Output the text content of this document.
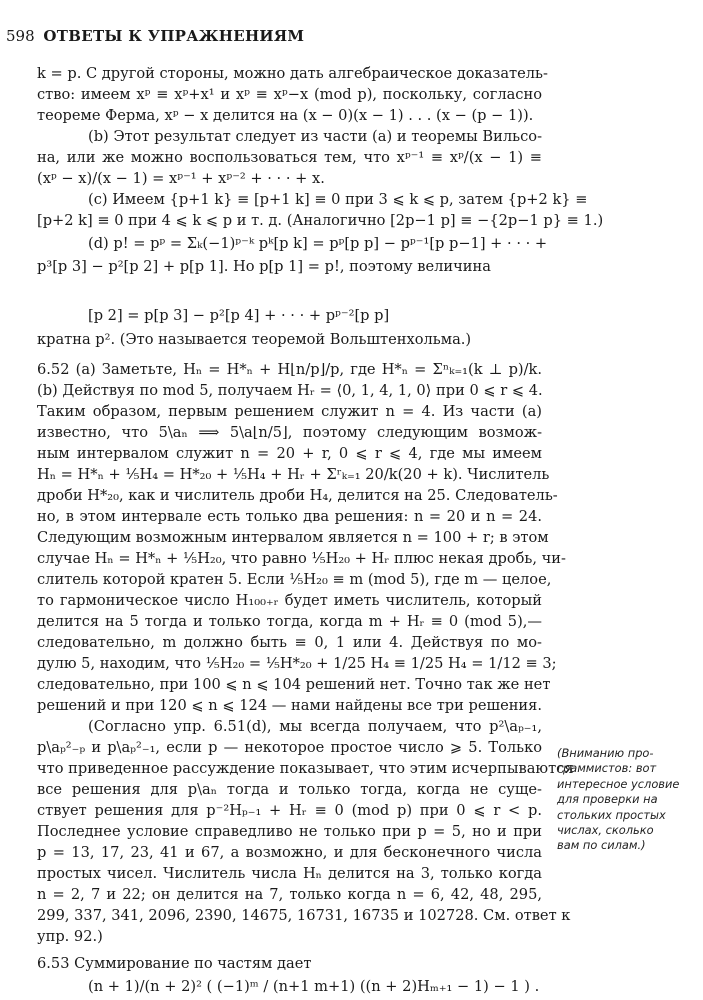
598 ОТВЕТЫ К УПРАЖНЕНИЯМ
k = p. С другой стороны, можно дать алгебраическое доказатель-
ство: имеем xᵖ ≡ xᵖ+x¹ и xᵖ ≡ xᵖ−x (mod p), поскольку, согласно
теореме Ферма, xᵖ − x делится на (x − 0)(x − 1) . . . (x − (p − 1)).
(b) Этот результат следует из части (a) и теоремы Вильсо-
на, или же можно воспользоваться тем, что xᵖ⁻¹ ≡ xᵖ/(x − 1) ≡
(xᵖ − x)/(x − 1) = xᵖ⁻¹ + xᵖ⁻² + · · · + x.
(c) Имеем {p+1 k} ≡ [p+1 k] ≡ 0 при 3 ⩽ k ⩽ p, затем {p+2 k} ≡
[p+2 k] ≡ 0 при 4 ⩽ k ⩽ p и т. д. (Аналогично [2p−1 p] ≡ −{2p−1 p} ≡ 1.)
(d) p! = pᵖ = Σₖ(−1)ᵖ⁻ᵏ pᵏ[p k] = pᵖ[p p] − pᵖ⁻¹[p p−1] + · · · +
p³[p 3] − p²[p 2] + p[p 1]. Но p[p 1] = p!, поэтому величина
[p 2] = p[p 3] − p²[p 4] + · · · + pᵖ⁻²[p p]
кратна p². (Это называется теоремой Вольштенхольма.)
6.52 (a) Заметьте, Hₙ = H*ₙ + H⌊n/p⌋/p, где H*ₙ = Σⁿₖ₌₁(k ⊥ p)/k.
(b) Действуя по mod 5, получаем Hᵣ = ⟨0, 1, 4, 1, 0⟩ при 0 ⩽ r ⩽ 4.
Таким образом, первым решением служит n = 4. Из части (a)
известно, что 5\aₙ ⟹ 5\a⌊n/5⌋, поэтому следующим возмож-
ным интервалом служит n = 20 + r, 0 ⩽ r ⩽ 4, где мы имеем
Hₙ = H*ₙ + ⅕H₄ = H*₂₀ + ⅕H₄ + Hᵣ + Σʳₖ₌₁ 20/k(20 + k). Числитель
дроби H*₂₀, как и числитель дроби H₄, делится на 25. Следователь-
но, в этом интервале есть только два решения: n = 20 и n = 24.
Следующим возможным интервалом является n = 100 + r; в этом
случае Hₙ = H*ₙ + ⅕H₂₀, что равно ⅕H₂₀ + Hᵣ плюс некая дробь, чи-
слитель которой кратен 5. Если ⅕H₂₀ ≡ m (mod 5), где m — целое,
то гармоническое число H₁₀₀₊ᵣ будет иметь числитель, который
делится на 5 тогда и только тогда, когда m + Hᵣ ≡ 0 (mod 5),—
следовательно, m должно быть ≡ 0, 1 или 4. Действуя по мо-
дулю 5, находим, что ⅕H₂₀ = ⅕H*₂₀ + 1/25 H₄ ≡ 1/25 H₄ = 1/12 ≡ 3;
следовательно, при 100 ⩽ n ⩽ 104 решений нет. Точно так же нет
решений и при 120 ⩽ n ⩽ 124 — нами найдены все три решения.
(Согласно упр. 6.51(d), мы всегда получаем, что p²\aₚ₋₁,
p\aₚ²₋ₚ и p\aₚ²₋₁, если p — некоторое простое число ⩾ 5. Только
что приведенное рассуждение показывает, что этим исчерпываются
все решения для p\aₙ тогда и только тогда, когда не суще-
ствует решения для p⁻²Hₚ₋₁ + Hᵣ ≡ 0 (mod p) при 0 ⩽ r < p.
Последнее условие справедливо не только при p = 5, но и при
p = 13, 17, 23, 41 и 67, а возможно, и для бесконечного числа
простых чисел. Числитель числа Hₙ делится на 3, только когда
n = 2, 7 и 22; он делится на 7, только когда n = 6, 42, 48, 295,
299, 337, 341, 2096, 2390, 14675, 16731, 16735 и 102728. См. ответ к
упр. 92.)
6.53 Суммирование по частям дает
(n + 1)/(n + 2)² ( (−1)ᵐ / (n+1 m+1) ((n + 2)Hₘ₊₁ − 1) − 1 ) .
(Вниманию про-
граммистов: вот
интересное условие
для проверки на
стольких простых
числах, сколько
вам по силам.)
